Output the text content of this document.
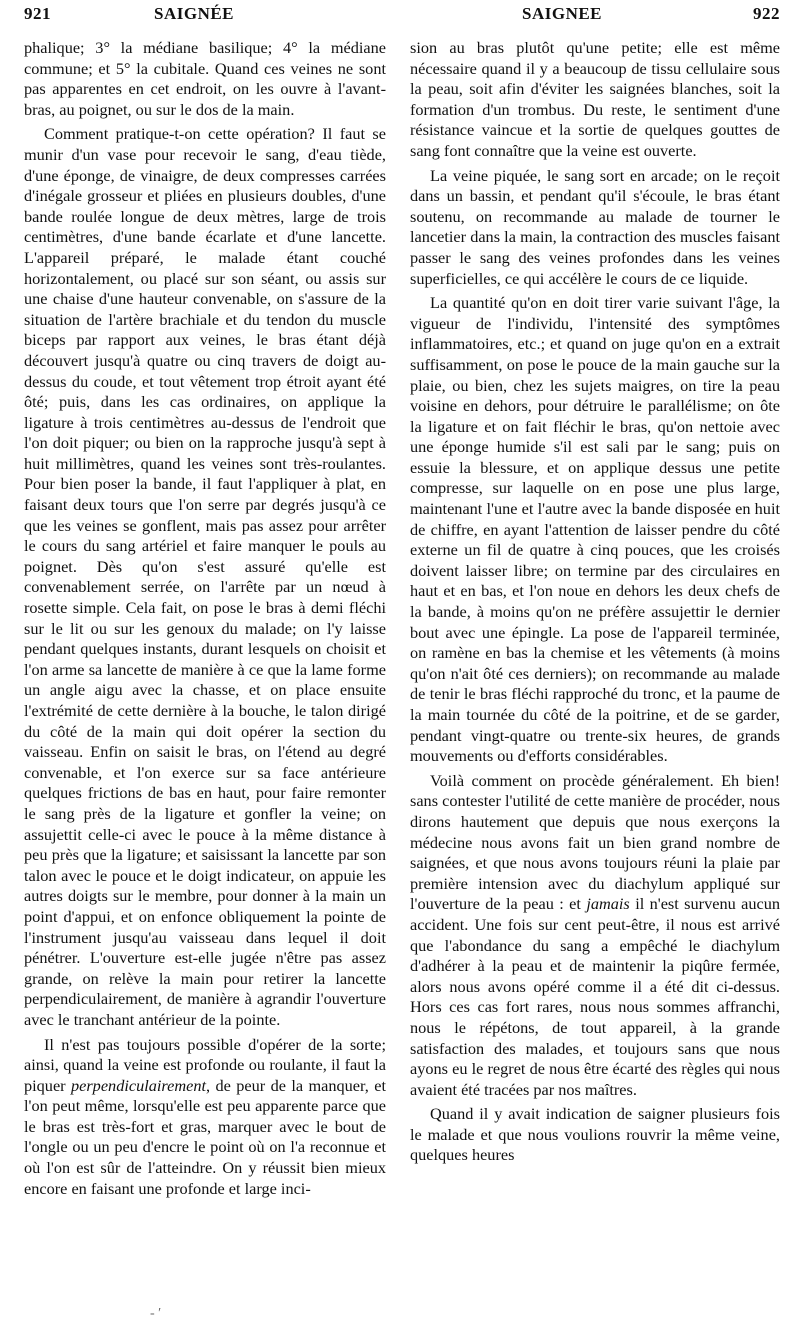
921	SAIGNÉE	SAIGNEE	922

phalique; 3° la médiane basilique; 4° la médiane commune; et 5° la cubitale. Quand ces veines ne sont pas apparentes en cet endroit, on les ouvre à l'avant-bras, au poignet, ou sur le dos de la main.

Comment pratique-t-on cette opération? Il faut se munir d'un vase pour recevoir le sang, d'eau tiède, d'une éponge, de vinaigre, de deux compresses carrées d'inégale grosseur et pliées en plusieurs doubles, d'une bande roulée longue de deux mètres, large de trois centimètres, d'une bande écarlate et d'une lancette. L'appareil préparé, le malade étant couché horizontalement, ou placé sur son séant, ou assis sur une chaise d'une hauteur convenable, on s'assure de la situation de l'artère brachiale et du tendon du muscle biceps par rapport aux veines, le bras étant déjà découvert jusqu'à quatre ou cinq travers de doigt au-dessus du coude, et tout vêtement trop étroit ayant été ôté; puis, dans les cas ordinaires, on applique la ligature à trois centimètres au-dessus de l'endroit que l'on doit piquer; ou bien on la rapproche jusqu'à sept à huit millimètres, quand les veines sont très-roulantes. Pour bien poser la bande, il faut l'appliquer à plat, en faisant deux tours que l'on serre par degrés jusqu'à ce que les veines se gonflent, mais pas assez pour arrêter le cours du sang artériel et faire manquer le pouls au poignet. Dès qu'on s'est assuré qu'elle est convenablement serrée, on l'arrête par un nœud à rosette simple. Cela fait, on pose le bras à demi fléchi sur le lit ou sur les genoux du malade; on l'y laisse pendant quelques instants, durant lesquels on choisit et l'on arme sa lancette de manière à ce que la lame forme un angle aigu avec la chasse, et on place ensuite l'extrémité de cette dernière à la bouche, le talon dirigé du côté de la main qui doit opérer la section du vaisseau. Enfin on saisit le bras, on l'étend au degré convenable, et l'on exerce sur sa face antérieure quelques frictions de bas en haut, pour faire remonter le sang près de la ligature et gonfler la veine; on assujettit celle-ci avec le pouce à la même distance à peu près que la ligature; et saisissant la lancette par son talon avec le pouce et le doigt indicateur, on appuie les autres doigts sur le membre, pour donner à la main un point d'appui, et on enfonce obliquement la pointe de l'instrument jusqu'au vaisseau dans lequel il doit pénétrer. L'ouverture est-elle jugée n'être pas assez grande, on relève la main pour retirer la lancette perpendiculairement, de manière à agrandir l'ouverture avec le tranchant antérieur de la pointe.

Il n'est pas toujours possible d'opérer de la sorte; ainsi, quand la veine est profonde ou roulante, il faut la piquer perpendiculairement, de peur de la manquer, et l'on peut même, lorsqu'elle est peu apparente parce que le bras est très-fort et gras, marquer avec le bout de l'ongle ou un peu d'encre le point où on l'a reconnue et où l'on est sûr de l'atteindre. On y réussit bien mieux encore en faisant une profonde et large inci-

sion au bras plutôt qu'une petite; elle est même nécessaire quand il y a beaucoup de tissu cellulaire sous la peau, soit afin d'éviter les saignées blanches, soit la formation d'un trombus. Du reste, le sentiment d'une résistance vaincue et la sortie de quelques gouttes de sang font connaître que la veine est ouverte.

La veine piquée, le sang sort en arcade; on le reçoit dans un bassin, et pendant qu'il s'écoule, le bras étant soutenu, on recommande au malade de tourner le lancetier dans la main, la contraction des muscles faisant passer le sang des veines profondes dans les veines superficielles, ce qui accélère le cours de ce liquide.

La quantité qu'on en doit tirer varie suivant l'âge, la vigueur de l'individu, l'intensité des symptômes inflammatoires, etc.; et quand on juge qu'on en a extrait suffisamment, on pose le pouce de la main gauche sur la plaie, ou bien, chez les sujets maigres, on tire la peau voisine en dehors, pour détruire le parallélisme; on ôte la ligature et on fait fléchir le bras, qu'on nettoie avec une éponge humide s'il est sali par le sang; puis on essuie la blessure, et on applique dessus une petite compresse, sur laquelle on en pose une plus large, maintenant l'une et l'autre avec la bande disposée en huit de chiffre, en ayant l'attention de laisser pendre du côté externe un fil de quatre à cinq pouces, que les croisés doivent laisser libre; on termine par des circulaires en haut et en bas, et l'on noue en dehors les deux chefs de la bande, à moins qu'on ne préfère assujettir le dernier bout avec une épingle. La pose de l'appareil terminée, on ramène en bas la chemise et les vêtements (à moins qu'on n'ait ôté ces derniers); on recommande au malade de tenir le bras fléchi rapproché du tronc, et la paume de la main tournée du côté de la poitrine, et de se garder, pendant vingt-quatre ou trente-six heures, de grands mouvements ou d'efforts considérables.

Voilà comment on procède généralement. Eh bien! sans contester l'utilité de cette manière de procéder, nous dirons hautement que depuis que nous exerçons la médecine nous avons fait un bien grand nombre de saignées, et que nous avons toujours réuni la plaie par première intension avec du diachylum appliqué sur l'ouverture de la peau : et jamais il n'est survenu aucun accident. Une fois sur cent peut-être, il nous est arrivé que l'abondance du sang a empêché le diachylum d'adhérer à la peau et de maintenir la piqûre fermée, alors nous avons opéré comme il a été dit ci-dessus. Hors ces cas fort rares, nous nous sommes affranchi, nous le répétons, de tout appareil, à la grande satisfaction des malades, et toujours sans que nous ayons eu le regret de nous être écarté des règles qui nous avaient été tracées par nos maîtres.

Quand il y avait indication de saigner plusieurs fois le malade et que nous voulions rouvrir la même veine, quelques heures

- ′
